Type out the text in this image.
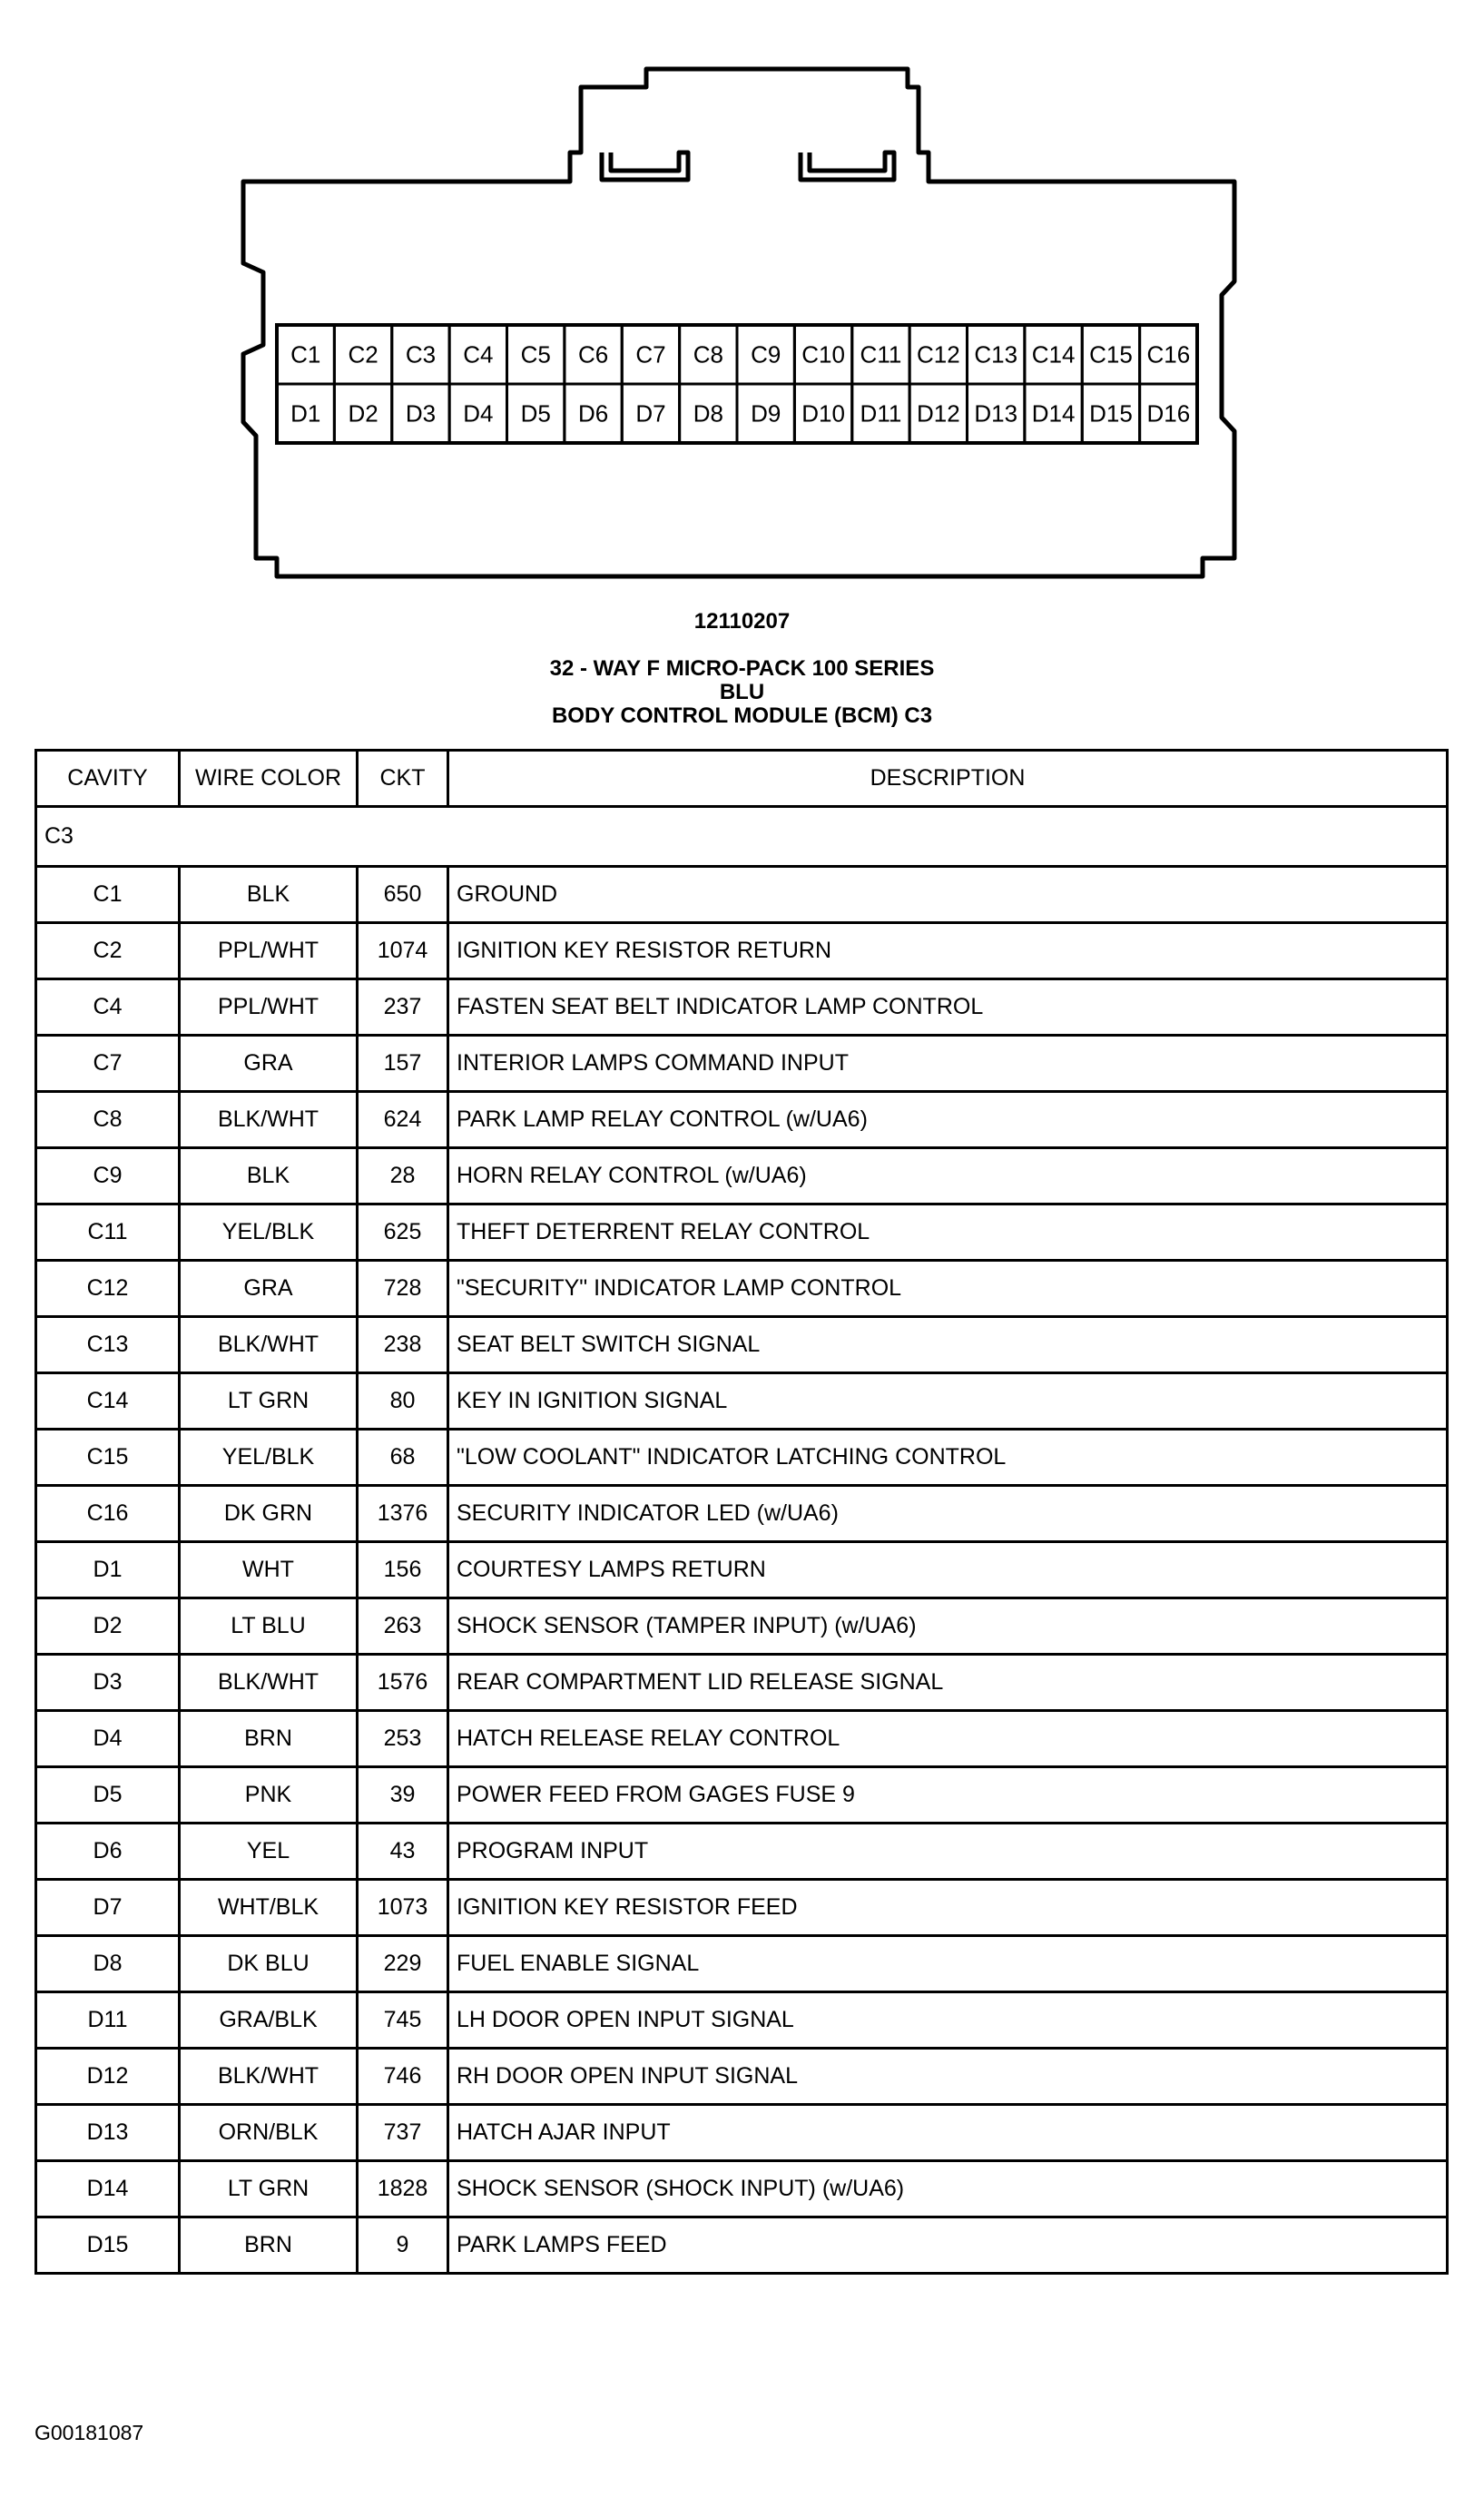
C1 C2 C3 C4 C5 C6 C7 C8 C9 C10 C11 C12 C13 C14 C15 C16
D1 D2 D3 D4 D5 D6 D7 D8 D9 D10 D11 D12 D13 D14 D15 D16
12110207
32 - WAY F MICRO-PACK 100 SERIES
BLU
BODY CONTROL MODULE (BCM) C3
CAVITY	WIRE COLOR	CKT	DESCRIPTION
C3			
C1	BLK	650	GROUND
C2	PPL/WHT	1074	IGNITION KEY RESISTOR RETURN
C4	PPL/WHT	237	FASTEN SEAT BELT INDICATOR LAMP CONTROL
C7	GRA	157	INTERIOR LAMPS COMMAND INPUT
C8	BLK/WHT	624	PARK LAMP RELAY CONTROL (w/UA6)
C9	BLK	28	HORN RELAY CONTROL (w/UA6)
C11	YEL/BLK	625	THEFT DETERRENT RELAY CONTROL
C12	GRA	728	"SECURITY" INDICATOR LAMP CONTROL
C13	BLK/WHT	238	SEAT BELT SWITCH SIGNAL
C14	LT GRN	80	KEY IN IGNITION SIGNAL
C15	YEL/BLK	68	"LOW COOLANT" INDICATOR LATCHING CONTROL
C16	DK GRN	1376	SECURITY INDICATOR LED (w/UA6)
D1	WHT	156	COURTESY LAMPS RETURN
D2	LT BLU	263	SHOCK SENSOR (TAMPER INPUT) (w/UA6)
D3	BLK/WHT	1576	REAR COMPARTMENT LID RELEASE SIGNAL
D4	BRN	253	HATCH RELEASE RELAY CONTROL
D5	PNK	39	POWER FEED FROM GAGES FUSE 9
D6	YEL	43	PROGRAM INPUT
D7	WHT/BLK	1073	IGNITION KEY RESISTOR FEED
D8	DK BLU	229	FUEL ENABLE SIGNAL
D11	GRA/BLK	745	LH DOOR OPEN INPUT SIGNAL
D12	BLK/WHT	746	RH DOOR OPEN INPUT SIGNAL
D13	ORN/BLK	737	HATCH AJAR INPUT
D14	LT GRN	1828	SHOCK SENSOR (SHOCK INPUT) (w/UA6)
D15	BRN	9	PARK LAMPS FEED
G00181087
